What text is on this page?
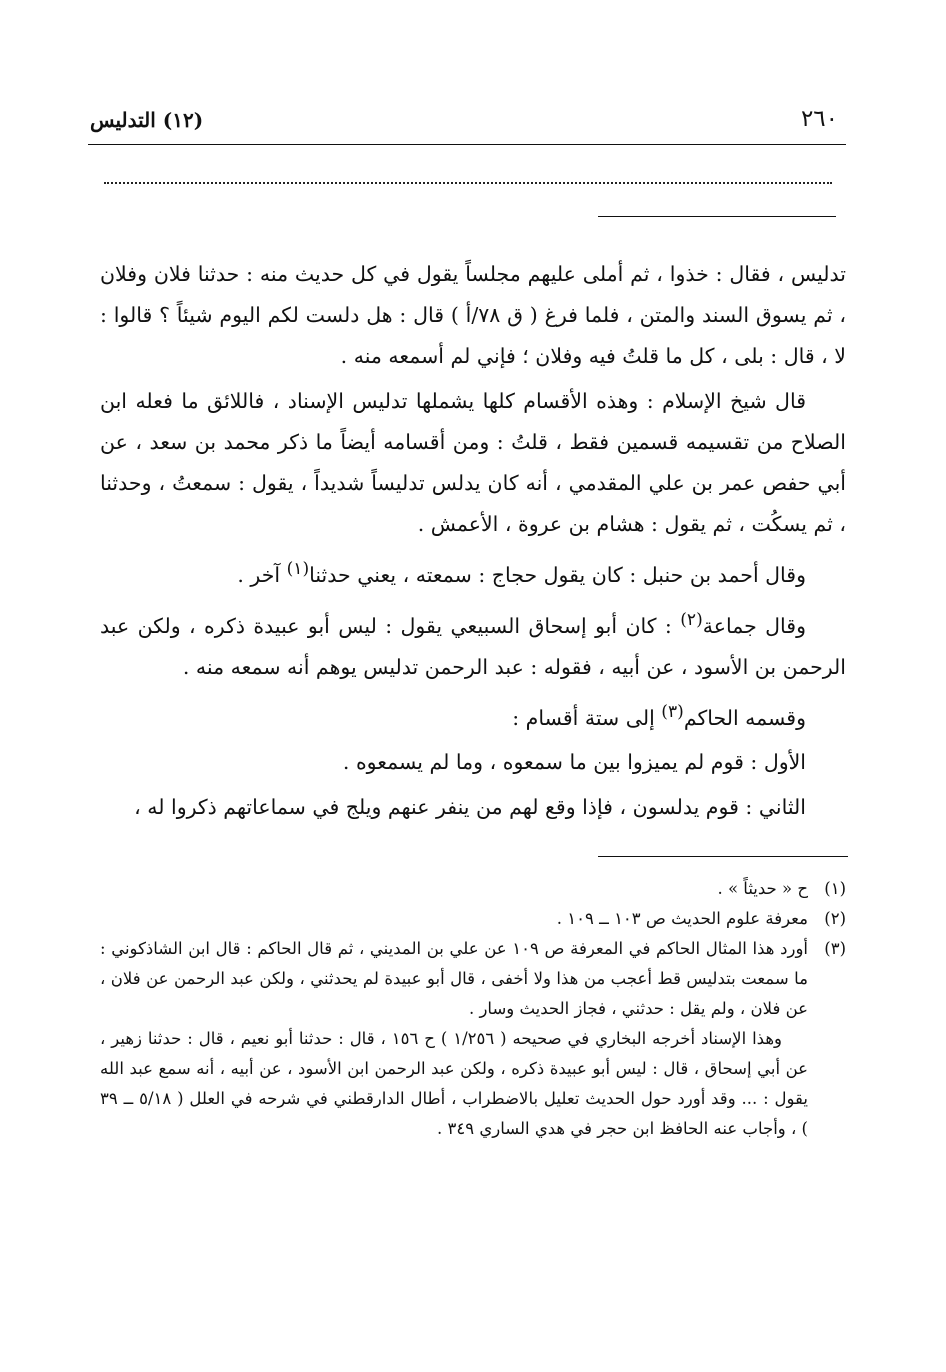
٢٦٠
(١٢) التدليس

تدليس ، فقال : خذوا ، ثم أملى عليهم مجلساً يقول في كل حديث منه : حدثنا فلان وفلان ، ثم يسوق السند والمتن ، فلما فرغ ( ق ٧٨/أ ) قال : هل دلست لكم اليوم شيئاً ؟ قالوا : لا ، قال : بلى ، كل ما قلتُ فيه وفلان ؛ فإني لم أسمعه منه .

قال شيخ الإسلام : وهذه الأقسام كلها يشملها تدليس الإسناد ، فاللائق ما فعله ابن الصلاح من تقسيمه قسمين فقط ، قلتُ : ومن أقسامه أيضاً ما ذكر محمد بن سعد ، عن أبي حفص عمر بن علي المقدمي ، أنه كان يدلس تدليساً شديداً ، يقول : سمعتُ ، وحدثنا ، ثم يسكُت ، ثم يقول : هشام بن عروة ، الأعمش .

وقال أحمد بن حنبل : كان يقول حجاج : سمعته ، يعني حدثنا$^{(١)}$ آخر .

وقال جماعة$^{(٢)}$ : كان أبو إسحاق السبيعي يقول : ليس أبو عبيدة ذكره ، ولكن عبد الرحمن بن الأسود ، عن أبيه ، فقوله : عبد الرحمن تدليس يوهم أنه سمعه منه .

وقسمه الحاكم$^{(٣)}$ إلى ستة أقسام :

الأول : قوم لم يميزوا بين ما سمعوه ، وما لم يسمعوه .

الثاني : قوم يدلسون ، فإذا وقع لهم من ينفر عنهم ويلج في سماعاتهم ذكروا له ،

(١)
ح « حديثاً » .
(٢)
معرفة علوم الحديث ص ١٠٣ ــ ١٠٩ .
(٣)
أورد هذا المثال الحاكم في المعرفة ص ١٠٩ عن علي بن المديني ، ثم قال الحاكم : قال ابن الشاذكوني : ما سمعت بتدليس قط أعجب من هذا ولا أخفى ، قال أبو عبيدة لم يحدثني ، ولكن عبد الرحمن عن فلان ، عن فلان ، ولم يقل : حدثني ، فجاز الحديث وسار .

وهذا الإسناد أخرجه البخاري في صحيحه ( ١/٢٥٦ ) ح ١٥٦ ، قال : حدثنا أبو نعيم ، قال : حدثنا زهير ، عن أبي إسحاق ، قال : ليس أبو عبيدة ذكره ، ولكن عبد الرحمن ابن الأسود ، عن أبيه ، أنه سمع عبد الله يقول : ... وقد أورد حول الحديث تعليل بالاضطراب ، أطال الدارقطني في شرحه في العلل ( ٥/١٨ ــ ٣٩ ) ، وأجاب عنه الحافظ ابن حجر في هدي الساري ٣٤٩ .
